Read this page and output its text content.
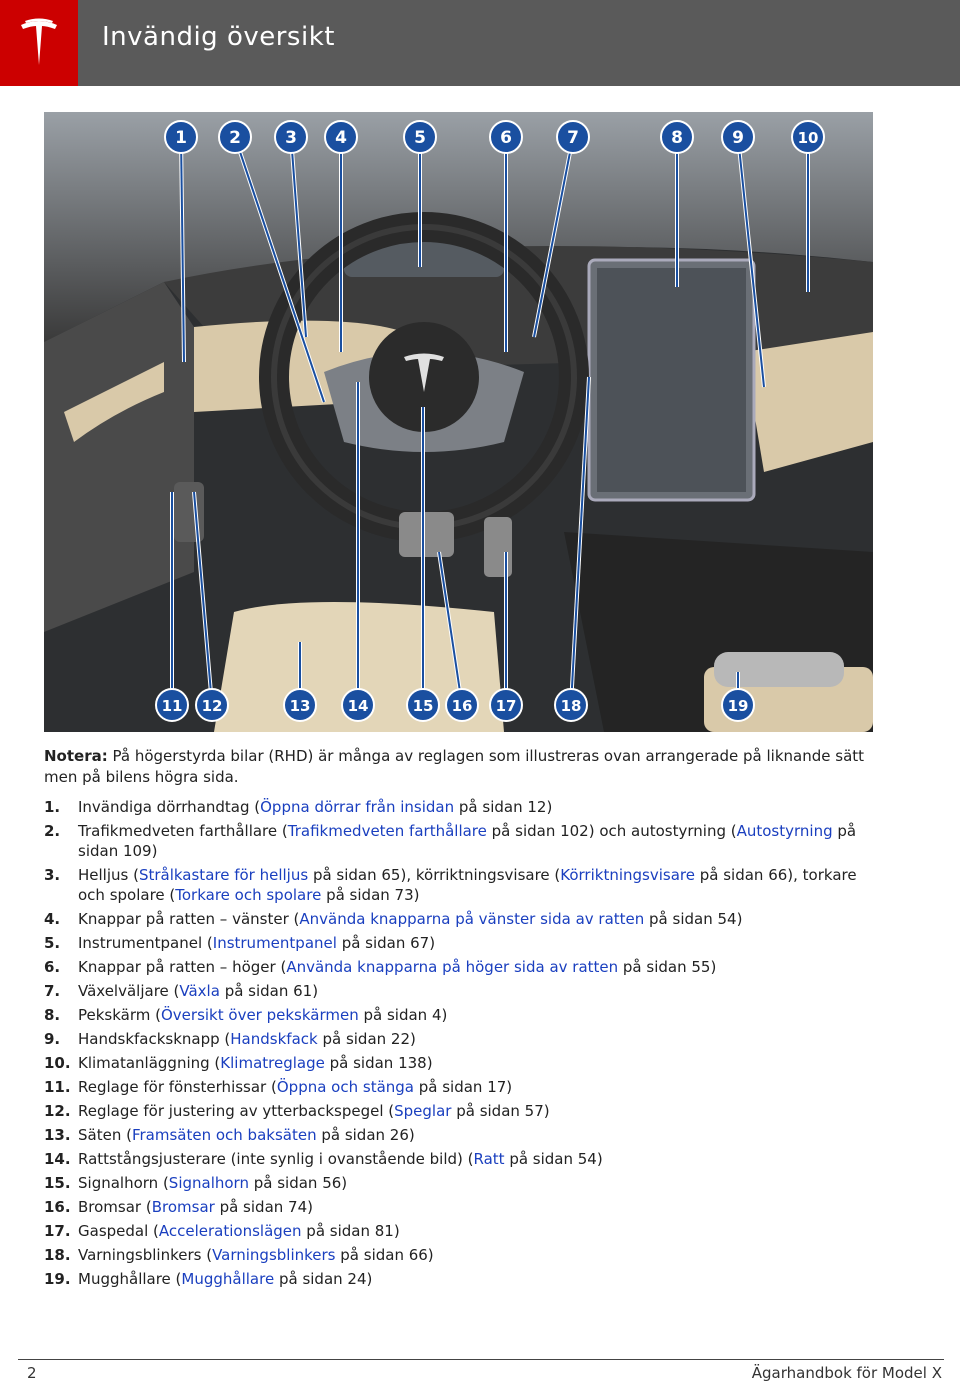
Invändig översikt
1 2	3 4	5	6	7	8	9	10
11 12	13 14	15 16 17	18	19
Notera: På högerstyrda bilar (RHD) är många av reglagen som illustreras ovan arrangerade på liknande sätt men på bilens högra sida.
1. Invändiga dörrhandtag (Öppna dörrar från insidan på sidan 12)
2. Trafikmedveten farthållare (Trafikmedveten farthållare på sidan 102) och autostyrning (Autostyrning på sidan 109)
3. Helljus (Strålkastare för helljus på sidan 65), körriktningsvisare (Körriktningsvisare på sidan 66), torkare och spolare (Torkare och spolare på sidan 73)
4. Knappar på ratten – vänster (Använda knapparna på vänster sida av ratten på sidan 54)
5. Instrumentpanel (Instrumentpanel på sidan 67)
6. Knappar på ratten – höger (Använda knapparna på höger sida av ratten på sidan 55)
7. Växelväljare (Växla på sidan 61)
8. Pekskärm (Översikt över pekskärmen på sidan 4)
9. Handskfacksknapp (Handskfack på sidan 22)
10. Klimatanläggning (Klimatreglage på sidan 138)
11. Reglage för fönsterhissar (Öppna och stänga på sidan 17)
12. Reglage för justering av ytterbackspegel (Speglar på sidan 57)
13. Säten (Framsäten och baksäten på sidan 26)
14. Rattstångsjusterare (inte synlig i ovanstående bild) (Ratt på sidan 54)
15. Signalhorn (Signalhorn på sidan 56)
16. Bromsar (Bromsar på sidan 74)
17. Gaspedal (Accelerationslägen på sidan 81)
18. Varningsblinkers (Varningsblinkers på sidan 66)
19. Mugghållare (Mugghållare på sidan 24)
2	Ägarhandbok för Model X
